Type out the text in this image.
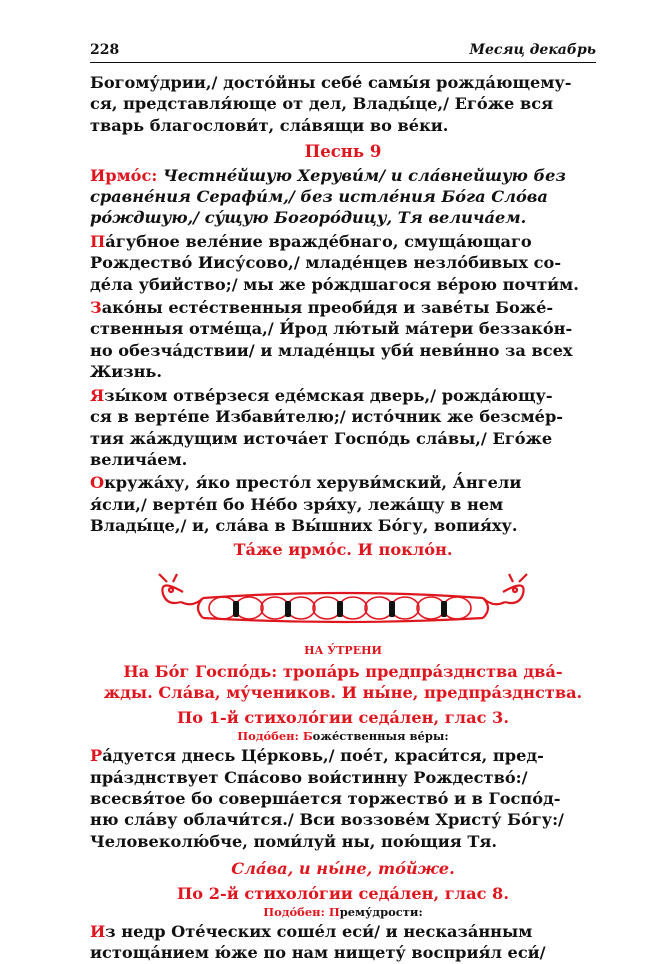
228	Месяц декабрь

Богому́дрии,/ досто́йны себе́ самы́я рожда́ющему-
ся, представля́юще от дел, Влады́це,/ Его́же вся
тварь благослови́т, сла́вящи во ве́ки.

Песнь 9

Ирмо́с: Честне́йшую Херуви́м/ и сла́внейшую без
сравне́ния Серафи́м,/ без истле́ния Бо́га Сло́ва
ро́ждшую,/ су́щую Богоро́дицу, Тя велича́ем.

Па́губное веле́ние вражде́бнаго, смуща́ющаго
Рождество́ Иису́сово,/ младе́нцев незло́бивых со-
де́ла убийство;/ мы же ро́ждшагося ве́рою почти́м.

Зако́ны есте́ственныя преоби́дя и заве́ты Боже́-
ственныя отме́ща,/ И́род лю́тый ма́тери беззако́н-
но обезча́дствии/ и младе́нцы уби́ неви́нно за всех
Жизнь.

Язы́ком отве́рзеся еде́мская дверь,/ рожда́ющу-
ся в верте́пе Избави́телю;/ исто́чник же безсме́р-
тия жа́ждущим источа́ет Госпо́дь сла́вы,/ Его́же
велича́ем.

Окружа́ху, я́ко престо́л херуви́мский, А́нгели
я́сли,/ верте́п бо Не́бо зря́ху, лежа́щу в нем
Влады́це,/ и, сла́ва в Вы́шних Бо́гу, вопия́ху.

Та́же ирмо́с. И покло́н.

НА У́ТРЕНИ

На Бо́г Госпо́дь: тропа́рь предпра́зднства два́-
жды. Сла́ва, му́чеников. И ны́не, предпра́зднства.

По 1-й стихоло́гии седа́лен, глас 3.

Подо́бен: Боже́ственныя ве́ры:

Ра́дуется днесь Це́рковь,/ пое́т, краси́тся, пред-
пра́зднствует Спа́сово вои́стинну Рождество́:/
всесвя́тое бо соверша́ется торжество́ и в Госпо́д-
ню сла́ву облачи́тся./ Вси воззове́м Христу́ Бо́гу:/
Человеколю́бче, поми́луй ны, пою́щия Тя.

Сла́ва, и ны́не, то́йже.

По 2-й стихоло́гии седа́лен, глас 8.

Подо́бен: Прему́дрости:

Из недр Оте́ческих соше́л еси́/ и несказа́нным
истоща́нием ю́же по нам нищету́ восприя́л еси́/
